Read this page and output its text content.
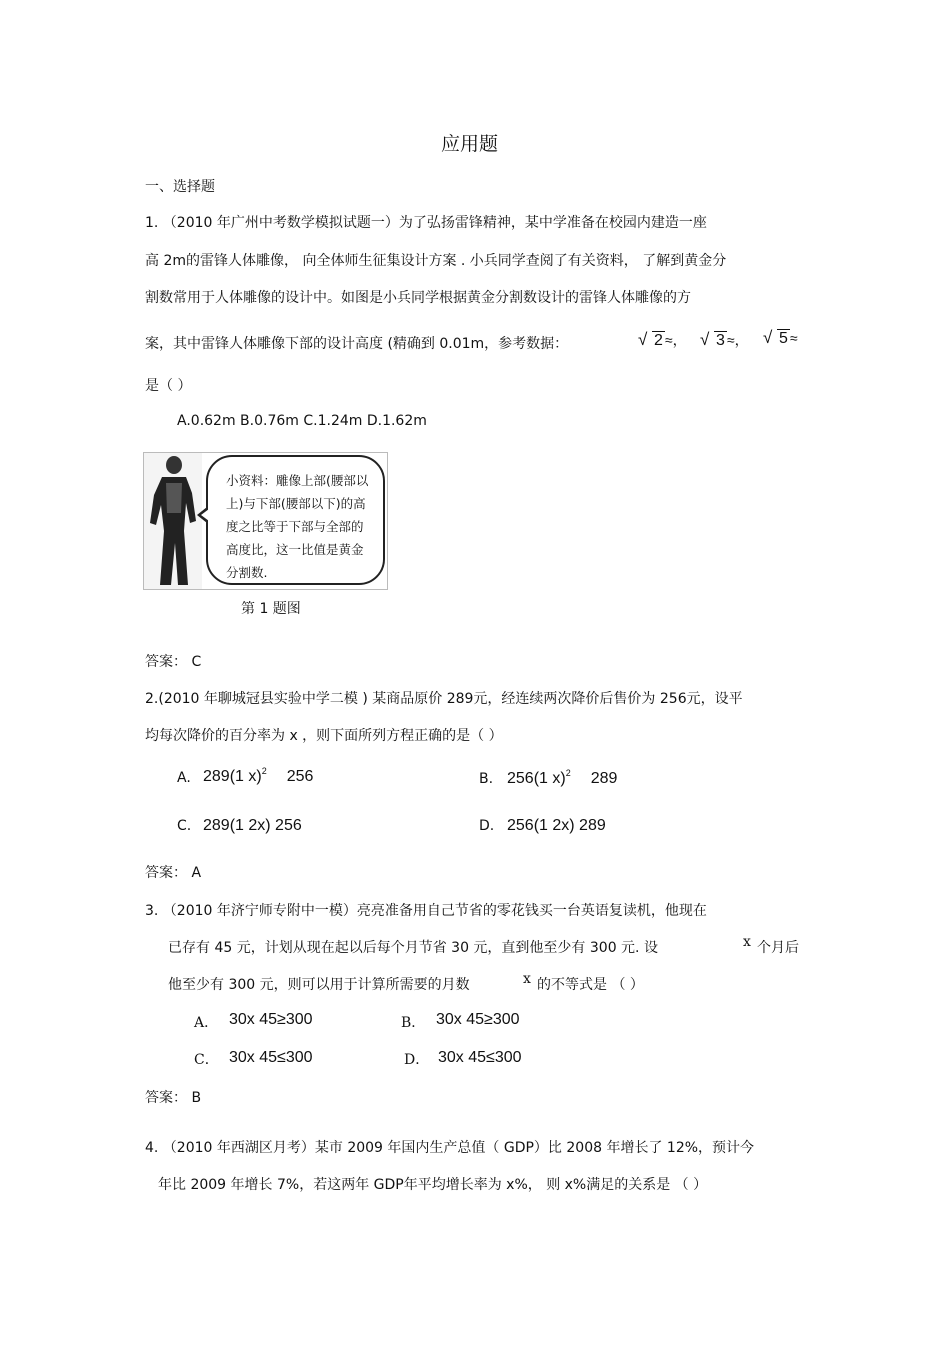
应用题
一、选择题
1. （2010 年广州中考数学模拟试题一）为了弘扬雷锋精神，某中学准备在校园内建造一座
高 2m的雷锋人体雕像， 向全体师生征集设计方案 . 小兵同学查阅了有关资料， 了解到黄金分
割数常用于人体雕像的设计中。如图是小兵同学根据黄金分割数设计的雷锋人体雕像的方
案，其中雷锋人体雕像下部的设计高度 (精确到 0.01m，参考数据：	√ 2 ≈， √ 3 ≈， √ 5 ≈
是（ ）
A.0.62m B.0.76m C.1.24m D.1.62m
小资料：雕像上部(腰部以上)与下部(腰部以下)的高度之比等于下部与全部的高度比，这一比值是黄金分割数.
第 1 题图
答案： C
2.(2010 年聊城冠县实验中学二模 ) 某商品原价 289元，经连续两次降价后售价为 256元，设平
均每次降价的百分率为 x ，则下面所列方程正确的是（ ）
A. 289(1 x)$^2$ 256	B. 256(1 x)$^2$ 289
C. 289(1 2x) 256	D. 256(1 2x) 289
答案： A
3. （2010 年济宁师专附中一模）亮亮准备用自己节省的零花钱买一台英语复读机，他现在
已存有 45 元，计划从现在起以后每个月节省 30 元，直到他至少有 300 元. 设	x 个月后
他至少有 300 元，则可以用于计算所需要的月数	x 的不等式是 （ ）
A． 30x 45≥300	B． 30x 45≥300
C． 30x 45≤300	D． 30x 45≤300
答案： B
4. （2010 年西湖区月考）某市 2009 年国内生产总值（ GDP）比 2008 年增长了 12%，预计今
年比 2009 年增长 7%，若这两年 GDP年平均增长率为 x%， 则 x%满足的关系是 （ ）
